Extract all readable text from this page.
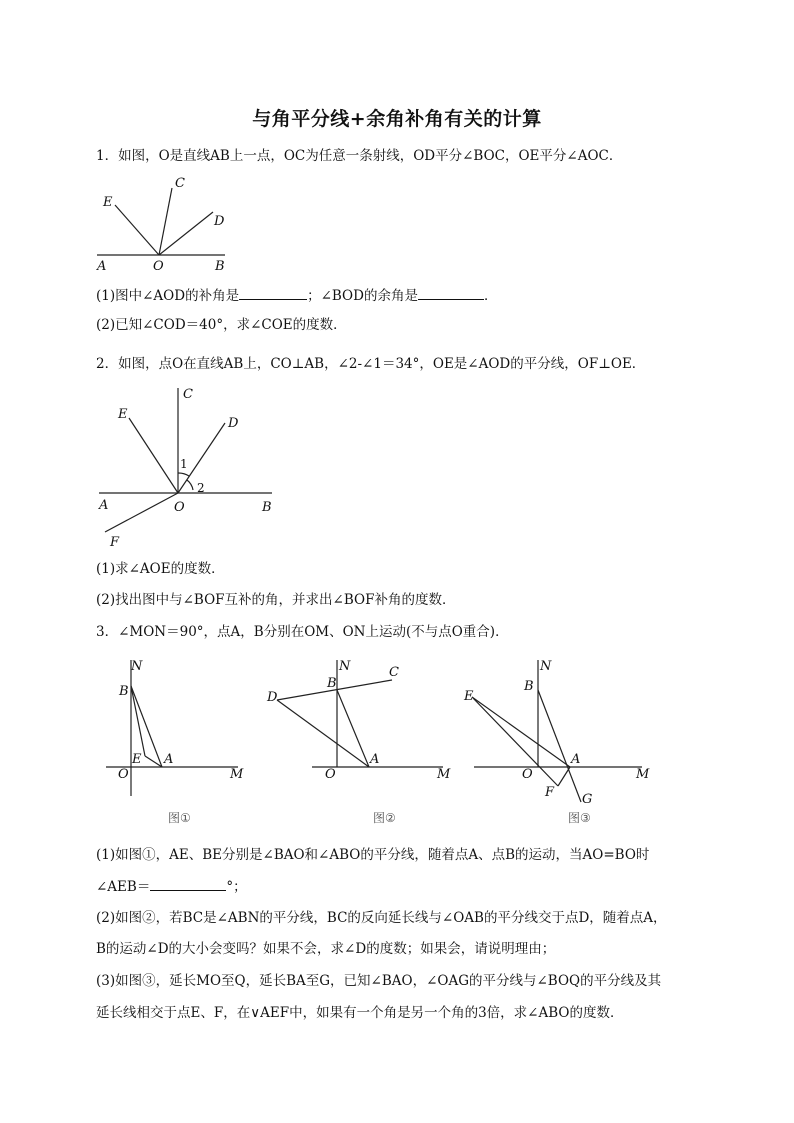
与角平分线+余角补角有关的计算
1．如图，O是直线AB上一点，OC为任意一条射线，OD平分∠BOC，OE平分∠AOC．
C
E
D
A	O	B
(1)图中∠AOD的补角是	；∠BOD的余角是	．
(2)已知∠COD＝40°，求∠COE的度数．
2．如图，点O在直线AB上，CO⊥AB，∠2-∠1＝34°，OE是∠AOD的平分线，OF⊥OE．
C
E
D
1
2
A	O	B
F
(1)求∠AOE的度数．
(2)找出图中与∠BOF互补的角，并求出∠BOF补角的度数．
3．∠MON＝90°，点A，B分别在OM、ON上运动(不与点O重合)．
N
B
E A
O	M
图①
N	C
D
B
A
O	M
图②
N
E
B
A
O	M
F G
图③
(1)如图①，AE、BE分别是∠BAO和∠ABO的平分线，随着点A、点B的运动，当AO=BO时
∠AEB＝	°；
(2)如图②，若BC是∠ABN的平分线，BC的反向延长线与∠OAB的平分线交于点D，随着点A，
B的运动∠D的大小会变吗？如果不会，求∠D的度数；如果会，请说明理由；
(3)如图③，延长MO至Q，延长BA至G，已知∠BAO，∠OAG的平分线与∠BOQ的平分线及其
延长线相交于点E、F，在∨AEF中，如果有一个角是另一个角的3倍，求∠ABO的度数．
